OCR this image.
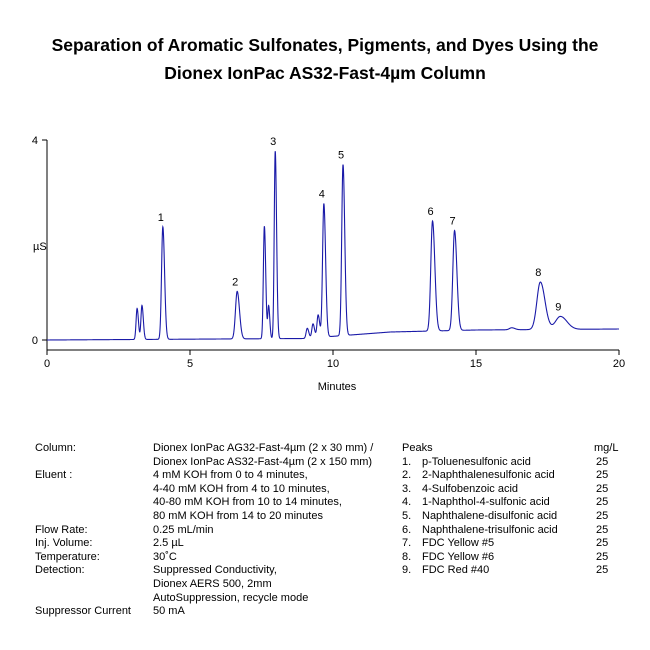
Separation of Aromatic Sulfonates, Pigments, and Dyes Using the
Dionex IonPac AS32-Fast-4µm Column
0	5	10	15	20
0
4
1
2
3
4
5
6
7
8
9
Minutes
µS
Column:	Dionex IonPac AG32-Fast-4µm (2 x 30 mm) /
Dionex IonPac AS32-Fast-4µm (2 x 150 mm)
Eluent :	4 mM KOH from 0 to 4 minutes,
4-40 mM KOH from 4 to 10 minutes,
40-80 mM KOH from 10 to 14 minutes,
80 mM KOH from 14 to 20 minutes
Flow Rate:	0.25 mL/min
Inj. Volume:	2.5 µL
Temperature:	30˚C
Detection:	Suppressed Conductivity,
Dionex AERS 500, 2mm
AutoSuppression, recycle mode
Suppressor Current 50 mA
Peaks	mg/L
1. p-Toluenesulfonic acid	25
2. 2-Naphthalenesulfonic acid	25
3. 4-Sulfobenzoic acid	25
4. 1-Naphthol-4-sulfonic acid	25
5. Naphthalene-disulfonic acid	25
6. Naphthalene-trisulfonic acid	25
7. FDC Yellow #5	25
8. FDC Yellow #6	25
9. FDC Red #40	25
